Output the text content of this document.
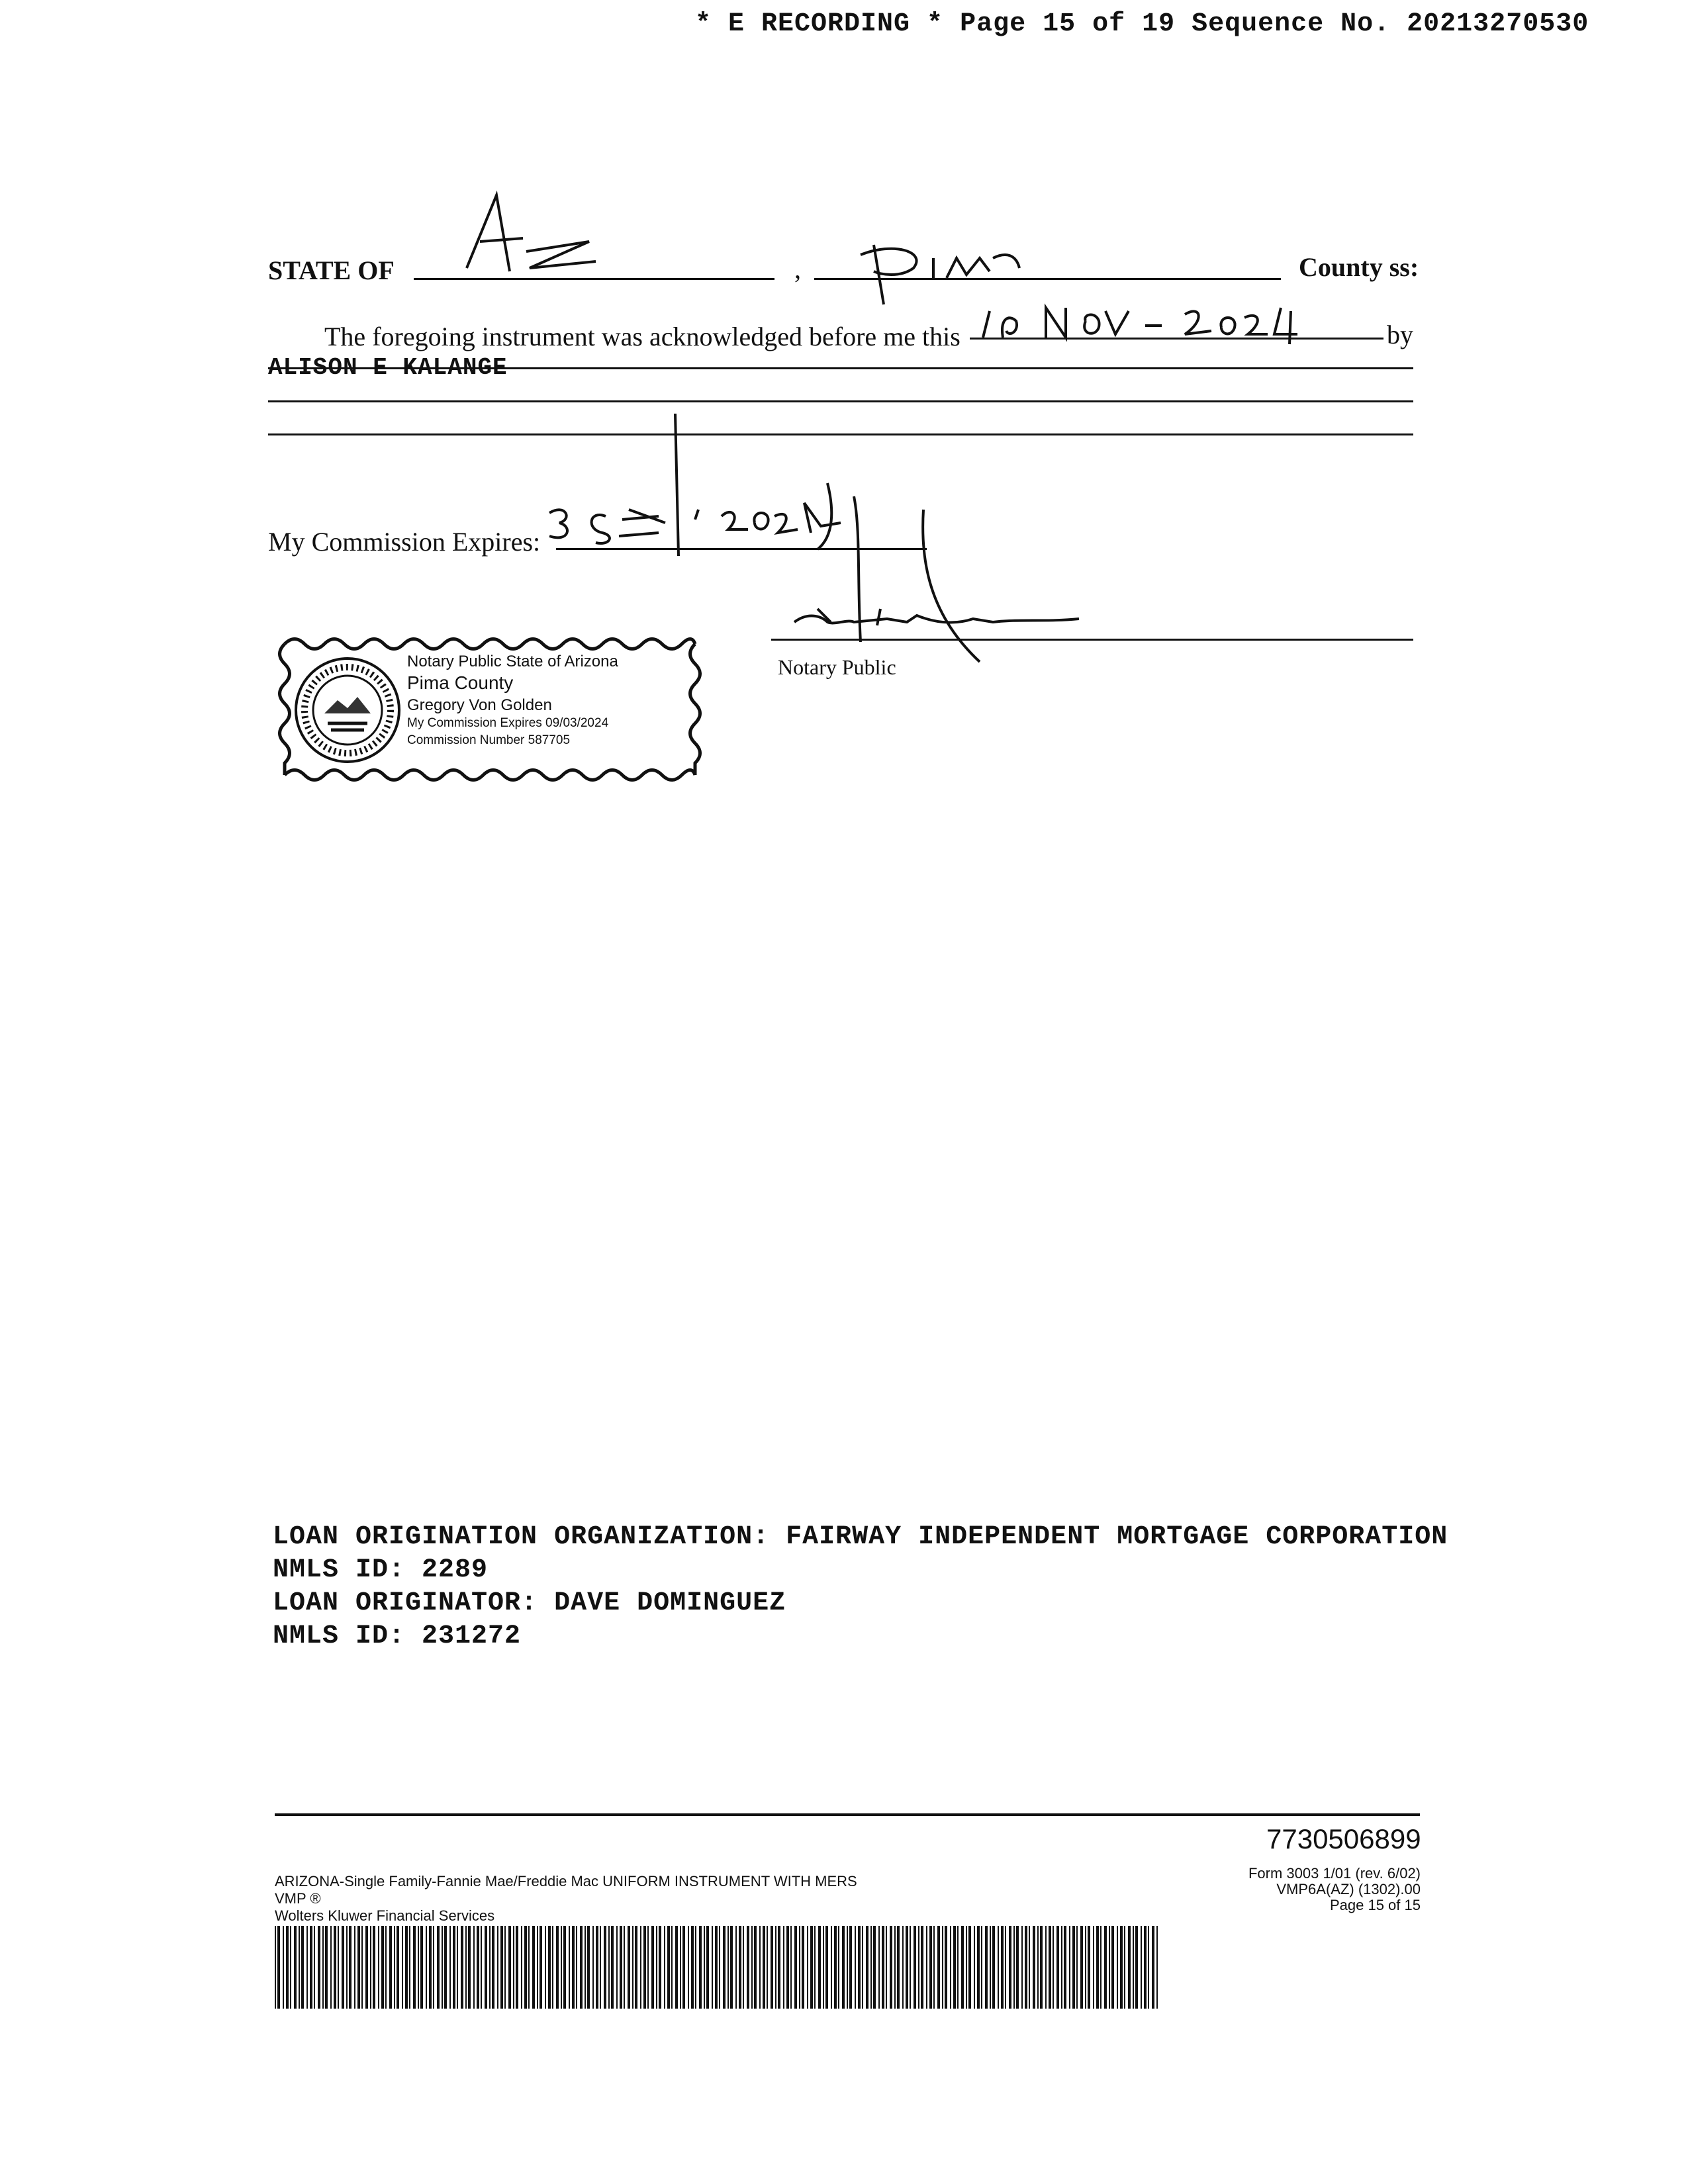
* E RECORDING * Page 15 of 19 Sequence No. 20213270530
STATE OF	,	County ss:
The foregoing instrument was acknowledged before me this	by
ALISON E KALANGE
My Commission Expires:
Notary Public
Notary Public State of Arizona
Pima County
Gregory Von Golden
My Commission Expires 09/03/2024
Commission Number 587705
LOAN ORIGINATION ORGANIZATION: FAIRWAY INDEPENDENT MORTGAGE CORPORATION
NMLS ID: 2289
LOAN ORIGINATOR: DAVE DOMINGUEZ
NMLS ID: 231272
7730506899
ARIZONA-Single Family-Fannie Mae/Freddie Mac UNIFORM INSTRUMENT WITH MERS
VMP ®
Wolters Kluwer Financial Services
Form 3003 1/01 (rev. 6/02)
VMP6A(AZ) (1302).00
Page 15 of 15
